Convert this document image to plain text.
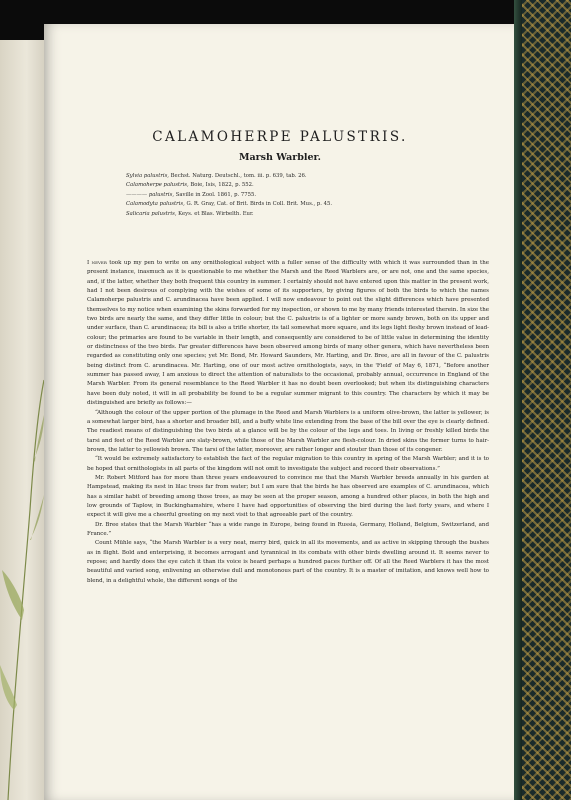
CALAMOHERPE PALUSTRIS.
Marsh Warbler.
Sylvia palustris, Bechst. Naturg. Deutschl., tom. iii. p. 639, tab. 26.
Calamoherpe palustris, Boie, Isis, 1822, p. 552.
———— palustris, Saville in Zool. 1861, p. 7755.
Calamodyta palustris, G. R. Gray, Cat. of Brit. Birds in Coll. Brit. Mus., p. 45.
Salicaria palustris, Keys. et Blas. Wirbelth. Eur.

I never took up my pen to write on any ornithological subject with a fuller sense of the difficulty with which it was surrounded than in the present instance, inasmuch as it is questionable to me whether the Marsh and the Reed Warblers are, or are not, one and the same species, and, if the latter, whether they both frequent this country in summer. I certainly should not have entered upon this matter in the present work, had I not been desirous of complying with the wishes of some of its supporters, by giving figures of both the birds to which the names Calamoherpe palustris and C. arundinacea have been applied. I will now endeavour to point out the slight differences which have presented themselves to my notice when examining the skins forwarded for my inspection, or shown to me by many friends interested therein. In size the two birds are nearly the same, and they differ little in colour; but the C. palustris is of a lighter or more sandy brown, both on its upper and under surface, than C. arundinacea; its bill is also a trifle shorter, its tail somewhat more square, and its legs light fleshy brown instead of lead-colour; the primaries are found to be variable in their length, and consequently are considered to be of little value in determining the identity or distinctness of the two birds. Far greater differences have been observed among birds of many other genera, which have nevertheless been regarded as constituting only one species; yet Mr. Bond, Mr. Howard Saunders, Mr. Harting, and Dr. Bree, are all in favour of the C. palustris being distinct from C. arundinacea. Mr. Harting, one of our most active ornithologists, says, in the 'Field' of May 6, 1871, “Before another summer has passed away, I am anxious to direct the attention of naturalists to the occasional, probably annual, occurrence in England of the Marsh Warbler. From its general resemblance to the Reed Warbler it has no doubt been overlooked; but when its distinguishing characters have been duly noted, it will in all probability be found to be a regular summer migrant to this country. The characters by which it may be distinguished are briefly as follows:—

“Although the colour of the upper portion of the plumage in the Reed and Marsh Warblers is a uniform olive-brown, the latter is yellower, is a somewhat larger bird, has a shorter and broader bill, and a buffy white line extending from the base of the bill over the eye is clearly defined. The readiest means of distinguishing the two birds at a glance will be by the colour of the legs and toes. In living or freshly killed birds the tarsi and feet of the Reed Warbler are slaty-brown, while those of the Marsh Warbler are flesh-colour. In dried skins the former turns to hair-brown, the latter to yellowish brown. The tarsi of the latter, moreover, are rather longer and stouter than those of its congener.

“It would be extremely satisfactory to establish the fact of the regular migration to this country in spring of the Marsh Warbler; and it is to be hoped that ornithologists in all parts of the kingdom will not omit to investigate the subject and record their observations.”

Mr. Robert Mitford has for more than three years endeavoured to convince me that the Marsh Warbler breeds annually in his garden at Hampstead, making its nest in lilac trees far from water; but I am sure that the birds he has observed are examples of C. arundinacea, which has a similar habit of breeding among those trees, as may be seen at the proper season, among a hundred other places, in both the high and low grounds of Taplow, in Buckinghamshire, where I have had opportunities of observing the bird during the last forty years, and where I expect it will give me a cheerful greeting on my next visit to that agreeable part of the country.

Dr. Bree states that the Marsh Warbler “has a wide range in Europe, being found in Russia, Germany, Holland, Belgium, Switzerland, and France.”

Count Mühle says, “the Marsh Warbler is a very neat, merry bird, quick in all its movements, and as active in skipping through the bushes as in flight. Bold and enterprising, it becomes arrogant and tyrannical in its combats with other birds dwelling around it. It seems never to repose; and hardly does the eye catch it than its voice is heard perhaps a hundred paces further off. Of all the Reed Warblers it has the most beautiful and varied song, enlivening an otherwise dull and monotonous part of the country. It is a master of imitation, and knows well how to blend, in a delightful whole, the different songs of the
